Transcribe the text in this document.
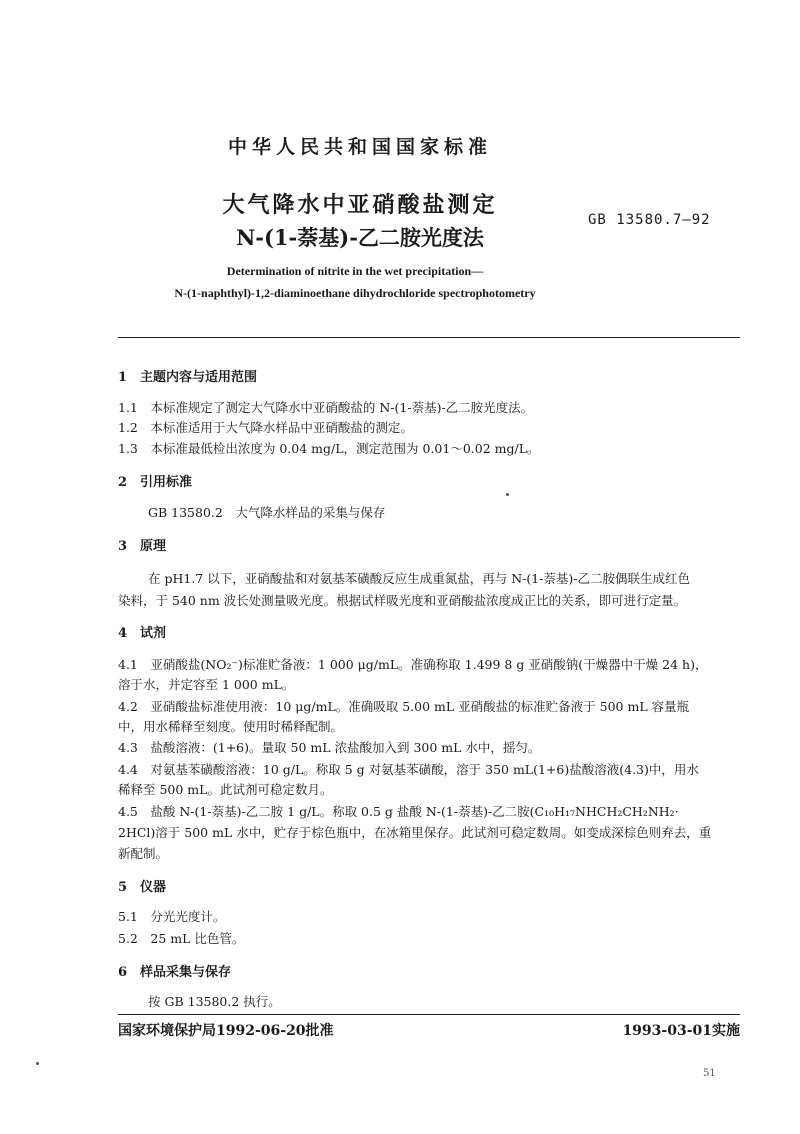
中华人民共和国国家标准
大气降水中亚硝酸盐测定
N-(1-萘基)-乙二胺光度法
GB 13580.7—92
Determination of nitrite in the wet precipitation—
N-(1-naphthyl)-1,2-diaminoethane dihydrochloride spectrophotometry
1　主题内容与适用范围
1.1　本标准规定了测定大气降水中亚硝酸盐的 N-(1-萘基)-乙二胺光度法。
1.2　本标准适用于大气降水样品中亚硝酸盐的测定。
1.3　本标准最低检出浓度为 0.04 mg/L，测定范围为 0.01～0.02 mg/L。
2　引用标准
GB 13580.2　大气降水样品的采集与保存
3　原理
在 pH1.7 以下，亚硝酸盐和对氨基苯磺酸反应生成重氮盐，再与 N-(1-萘基)-乙二胺偶联生成红色
染料，于 540 nm 波长处测量吸光度。根据试样吸光度和亚硝酸盐浓度成正比的关系，即可进行定量。
4　试剂
4.1　亚硝酸盐(NO₂⁻)标准贮备液：1 000 μg/mL。准确称取 1.499 8 g 亚硝酸钠(干燥器中干燥 24 h)，
溶于水，并定容至 1 000 mL。
4.2　亚硝酸盐标准使用液：10 μg/mL。准确吸取 5.00 mL 亚硝酸盐的标准贮备液于 500 mL 容量瓶
中，用水稀释至刻度。使用时稀释配制。
4.3　盐酸溶液：(1+6)。量取 50 mL 浓盐酸加入到 300 mL 水中，摇匀。
4.4　对氨基苯磺酸溶液：10 g/L。称取 5 g 对氨基苯磺酸，溶于 350 mL(1+6)盐酸溶液(4.3)中，用水
稀释至 500 mL。此试剂可稳定数月。
4.5　盐酸 N-(1-萘基)-乙二胺 1 g/L。称取 0.5 g 盐酸 N-(1-萘基)-乙二胺(C₁₀H₁₇NHCH₂CH₂NH₂·
2HCl)溶于 500 mL 水中，贮存于棕色瓶中，在冰箱里保存。此试剂可稳定数周。如变成深棕色则弃去，重
新配制。
5　仪器
5.1　分光光度计。
5.2　25 mL 比色管。
6　样品采集与保存
按 GB 13580.2 执行。
国家环境保护局1992-06-20批准	1993-03-01实施
51
